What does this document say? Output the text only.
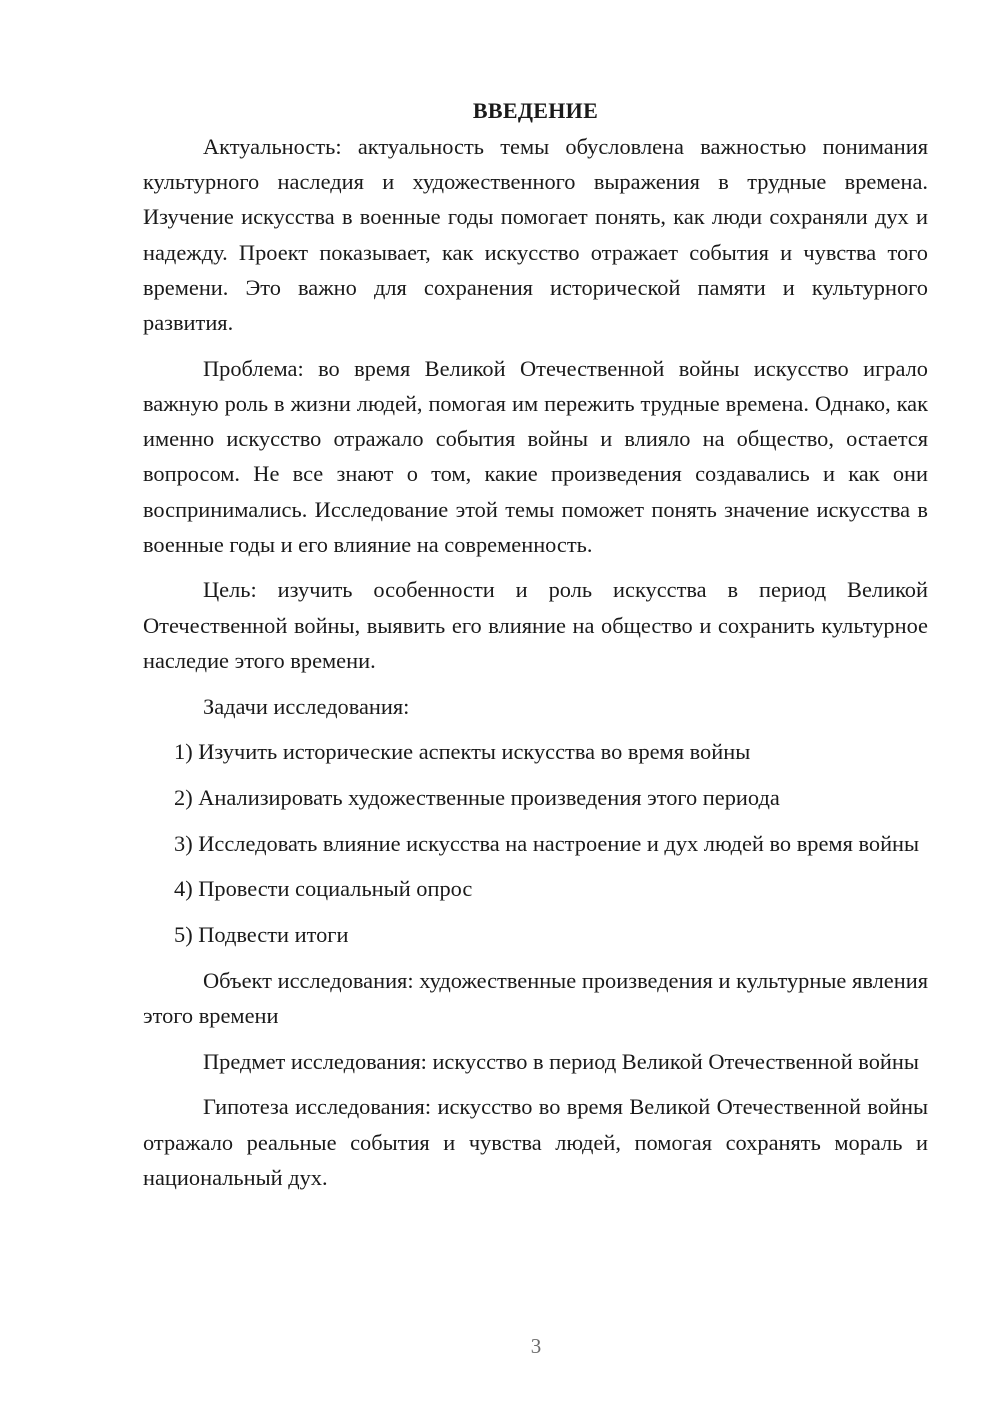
ВВЕДЕНИЕ

Актуальность: актуальность темы обусловлена важностью понимания культурного наследия и художественного выражения в трудные времена. Изучение искусства в военные годы помогает понять, как люди сохраняли дух и надежду. Проект показывает, как искусство отражает события и чувства того времени. Это важно для сохранения исторической памяти и культурного развития.

Проблема: во время Великой Отечественной войны искусство играло важную роль в жизни людей, помогая им пережить трудные времена. Однако, как именно искусство отражало события войны и влияло на общество, остается вопросом. Не все знают о том, какие произведения создавались и как они воспринимались. Исследование этой темы поможет понять значение искусства в военные годы и его влияние на современность.

Цель: изучить особенности и роль искусства в период Великой Отечественной войны, выявить его влияние на общество и сохранить культурное наследие этого времени.

Задачи исследования:

1) Изучить исторические аспекты искусства во время войны

2) Анализировать художественные произведения этого периода

3) Исследовать влияние искусства на настроение и дух людей во время войны

4) Провести социальный опрос

5) Подвести итоги

Объект исследования: художественные произведения и культурные явления этого времени

Предмет исследования: искусство в период Великой Отечественной войны

Гипотеза исследования: искусство во время Великой Отечественной войны отражало реальные события и чувства людей, помогая сохранять мораль и национальный дух.

3
